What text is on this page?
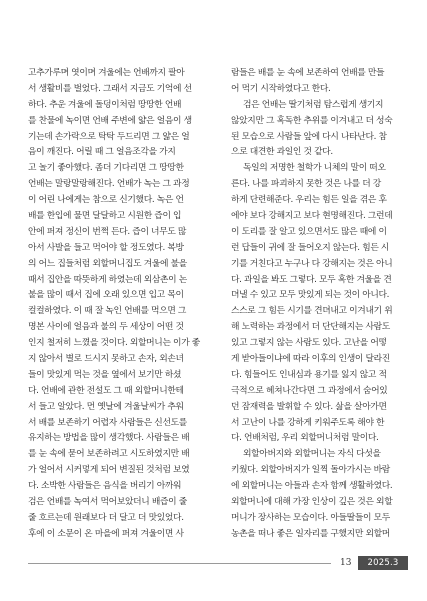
고추가루며 엿이며 겨울에는 언배까지 팔아
서 생활비를 벌었다. 그래서 지금도 기억에 선
하다. 추운 겨울에 돌덩이처럼 땅땅한 언배
를 찬물에 녹이면 언배 주변에 얇은 얼음이 생
기는데 손가락으로 탁탁 두드리면 그 얇은 얼
음이 깨진다. 어릴 때 그 얼음조각을 가지
고 놀기 좋아했다. 좀더 기다리면 그 땅땅한
언배는 말랑말랑해진다. 언배가 녹는 그 과정
이 어린 나에게는 참으로 신기했다. 녹은 언
배를 한입에 물면 달달하고 시원한 즙이 입
안에 퍼져 정신이 번쩍 든다. 즙이 너무도 많
아서 사발을 들고 먹어야 할 정도였다. 복방
의 어느 집들처럼 외할머니집도 겨울에 불을
때서 집안을 따뜻하게 하였는데 외삼촌이 논
불을 많이 때서 집에 오래 있으면 입고 목이
컬컬하였다. 이 때 잘 녹인 언배를 먹으면 그
명본 사이에 얼음과 불의 두 세상이 어떤 것
인지 철저히 느꼈을 것이다. 외할머니는 이가 좋
지 않아서 별로 드시지 못하고 손자, 외손녀
들이 맛있게 먹는 것을 옆에서 보기만 하셨
다. 언배에 관한 전설도 그 때 외할머니한테
서 들고 알았다. 먼 옛날에 겨울날씨가 추워
서 배를 보존하기 어렵자 사람들은 신선도를
유지하는 방법을 많이 생각했다. 사람들은 배
를 눈 속에 묻어 보존하려고 시도하였지만 배
가 얼어서 시커멓게 되어 변질된 것처럼 보였
다. 소박한 사람들은 음식을 버리기 아까워
검은 언배를 녹여서 먹어보았더니 배즙이 줄
줄 흐르는데 원래보다 더 달고 더 맛있었다.
후에 이 소문이 온 마을에 퍼져 겨울이면 사
람들은 배를 눈 속에 보존하여 언배를 만들
어 먹기 시작하였다고 한다.
검은 언배는 딸기처럼 탐스럽게 생기지
않았지만 그 혹독한 추위를 이겨내고 더 성숙
된 모습으로 사람들 앞에 다시 나타난다. 참
으로 대견한 과일인 것 같다.
독일의 저명한 철학가 니체의 말이 떠오
른다. 나를 파괴하지 못한 것은 나를 더 강
하게 단련해준다. 우리는 힘든 일을 겪은 후
에야 보다 강해지고 보다 현명해진다. 그런데
이 도리를 잘 알고 있으면서도 많은 때에 이
런 답들이 귀에 잘 들어오지 않는다. 힘든 시
기를 거친다고 누구나 다 강해지는 것은 아니
다. 과일을 봐도 그렇다. 모두 혹한 겨울을 견
뎌낼 수 있고 모두 맛있게 되는 것이 아니다.
스스로 그 힘든 시기를 견뎌내고 이겨내기 위
해 노력하는 과정에서 더 단단해지는 사람도
있고 그렇지 않는 사람도 있다. 고난을 어떻
게 받아들이냐에 따라 이후의 인생이 달라진
다. 힘들어도 인내심과 용기를 잃지 않고 적
극적으로 헤쳐나간다면 그 과정에서 숨어있
던 잠재력을 발휘할 수 있다. 삶을 살아가면
서 고난이 나를 강하게 키워주도록 해야 한
다. 언배처럼, 우리 외할머니처럼 말이다.
외할아버지와 외할머니는 자식 다섯을
키웠다. 외할아버지가 일찍 돌아가시는 바람
에 외할머니는 아들과 손자 함께 생활하였다.
외할머니에 대해 가장 인상이 깊은 것은 외할
머니가 장사하는 모습이다. 아들딸들이 모두
농촌을 떠나 좋은 일자리를 구했지만 외할머
13	2025.3
